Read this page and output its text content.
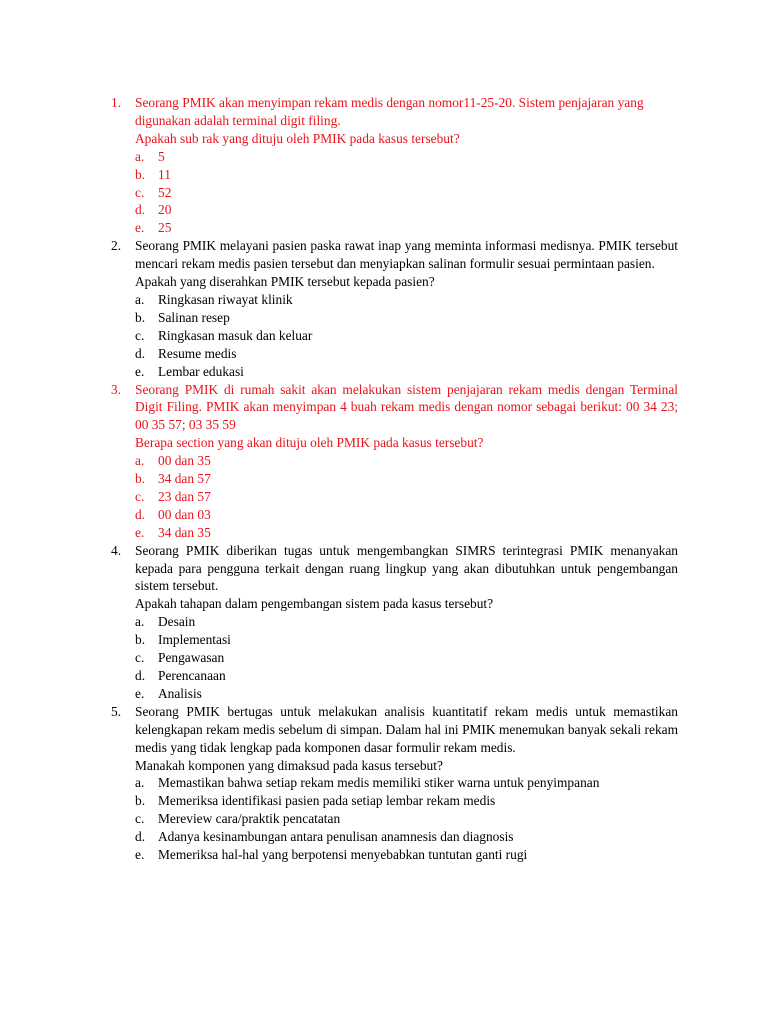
1. Seorang PMIK akan menyimpan rekam medis dengan nomor11-25-20. Sistem penjajaran yang digunakan adalah terminal digit filing.
Apakah sub rak yang dituju oleh PMIK pada kasus tersebut?
a. 5
b. 11
c. 52
d. 20
e. 25
2. Seorang PMIK melayani pasien paska rawat inap yang meminta informasi medisnya. PMIK tersebut mencari rekam medis pasien tersebut dan menyiapkan salinan formulir sesuai permintaan pasien.
Apakah yang diserahkan PMIK tersebut kepada pasien?
a. Ringkasan riwayat klinik
b. Salinan resep
c. Ringkasan masuk dan keluar
d. Resume medis
e. Lembar edukasi
3. Seorang PMIK di rumah sakit akan melakukan sistem penjajaran rekam medis dengan Terminal Digit Filing. PMIK akan menyimpan 4 buah rekam medis dengan nomor sebagai berikut: 00 34 23; 00 35 57; 03 35 59
Berapa section yang akan dituju oleh PMIK pada kasus tersebut?
a. 00 dan 35
b. 34 dan 57
c. 23 dan 57
d. 00 dan 03
e. 34 dan 35
4. Seorang PMIK diberikan tugas untuk mengembangkan SIMRS terintegrasi PMIK menanyakan kepada para pengguna terkait dengan ruang lingkup yang akan dibutuhkan untuk pengembangan sistem tersebut.
Apakah tahapan dalam pengembangan sistem pada kasus tersebut?
a. Desain
b. Implementasi
c. Pengawasan
d. Perencanaan
e. Analisis
5. Seorang PMIK bertugas untuk melakukan analisis kuantitatif rekam medis untuk memastikan kelengkapan rekam medis sebelum di simpan. Dalam hal ini PMIK menemukan banyak sekali rekam medis yang tidak lengkap pada komponen dasar formulir rekam medis.
Manakah komponen yang dimaksud pada kasus tersebut?
a. Memastikan bahwa setiap rekam medis memiliki stiker warna untuk penyimpanan
b. Memeriksa identifikasi pasien pada setiap lembar rekam medis
c. Mereview cara/praktik pencatatan
d. Adanya kesinambungan antara penulisan anamnesis dan diagnosis
e. Memeriksa hal-hal yang berpotensi menyebabkan tuntutan ganti rugi
